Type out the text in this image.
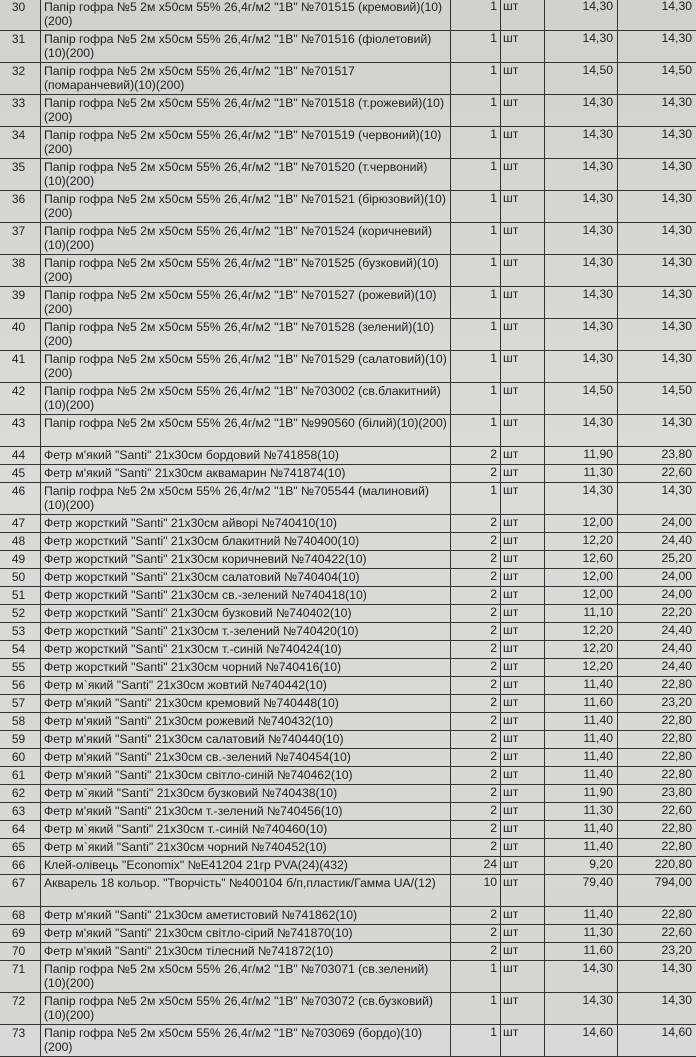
30	Папір гофра №5 2м х50см 55% 26,4г/м2 "1В" №701515 (кремовий)(10)(200)	1	шт	14,30	14,30
31	Папір гофра №5 2м х50см 55% 26,4г/м2 "1В" №701516 (фіолетовий)(10)(200)	1	шт	14,30	14,30
32	Папір гофра №5 2м х50см 55% 26,4г/м2 "1В" №701517 (помаранчевий)(10)(200)	1	шт	14,50	14,50
33	Папір гофра №5 2м х50см 55% 26,4г/м2 "1В" №701518 (т.рожевий)(10)(200)	1	шт	14,30	14,30
34	Папір гофра №5 2м х50см 55% 26,4г/м2 "1В" №701519 (червоний)(10)(200)	1	шт	14,30	14,30
35	Папір гофра №5 2м х50см 55% 26,4г/м2 "1В" №701520 (т.червоний)(10)(200)	1	шт	14,30	14,30
36	Папір гофра №5 2м х50см 55% 26,4г/м2 "1В" №701521 (бірюзовий)(10)(200)	1	шт	14,30	14,30
37	Папір гофра №5 2м х50см 55% 26,4г/м2 "1В" №701524 (коричневий)(10)(200)	1	шт	14,30	14,30
38	Папір гофра №5 2м х50см 55% 26,4г/м2 "1В" №701525 (бузковий)(10)(200)	1	шт	14,30	14,30
39	Папір гофра №5 2м х50см 55% 26,4г/м2 "1В" №701527 (рожевий)(10)(200)	1	шт	14,30	14,30
40	Папір гофра №5 2м х50см 55% 26,4г/м2 "1В" №701528 (зелений)(10)(200)	1	шт	14,30	14,30
41	Папір гофра №5 2м х50см 55% 26,4г/м2 "1В" №701529 (салатовий)(10)(200)	1	шт	14,30	14,30
42	Папір гофра №5 2м х50см 55% 26,4г/м2 "1В" №703002 (св.блакитний)(10)(200)	1	шт	14,50	14,50
43	Папір гофра №5 2м х50см 55% 26,4г/м2 "1В" №990560 (білий)(10)(200)	1	шт	14,30	14,30
44	Фетр м'який "Santi" 21х30см бордовий №741858(10)	2	шт	11,90	23,80
45	Фетр м'який "Santi" 21х30см аквамарин №741874(10)	2	шт	11,30	22,60
46	Папір гофра №5 2м х50см 55% 26,4г/м2 "1В" №705544 (малиновий)(10)(200)	1	шт	14,30	14,30
47	Фетр жорсткий "Santi" 21х30см айворі №740410(10)	2	шт	12,00	24,00
48	Фетр жорсткий "Santi" 21х30см блакитний №740400(10)	2	шт	12,20	24,40
49	Фетр жорсткий "Santi" 21х30см коричневий №740422(10)	2	шт	12,60	25,20
50	Фетр жорсткий "Santi" 21х30см салатовий №740404(10)	2	шт	12,00	24,00
51	Фетр жорсткий "Santi" 21х30см св.-зелений №740418(10)	2	шт	12,00	24,00
52	Фетр жорсткий "Santi" 21х30см бузковий №740402(10)	2	шт	11,10	22,20
53	Фетр жорсткий "Santi" 21х30см т.-зелений №740420(10)	2	шт	12,20	24,40
54	Фетр жорсткий "Santi" 21х30см т.-синій №740424(10)	2	шт	12,20	24,40
55	Фетр жорсткий "Santi" 21х30см чорний №740416(10)	2	шт	12,20	24,40
56	Фетр м`який "Santi" 21х30см жовтий №740442(10)	2	шт	11,40	22,80
57	Фетр м'який "Santi" 21х30см кремовий №740448(10)	2	шт	11,60	23,20
58	Фетр м'який "Santi" 21х30см рожевий №740432(10)	2	шт	11,40	22,80
59	Фетр м'який "Santi" 21х30см салатовий №740440(10)	2	шт	11,40	22,80
60	Фетр м'який "Santi" 21х30см св.-зелений №740454(10)	2	шт	11,40	22,80
61	Фетр м'який "Santi" 21х30см світло-синій №740462(10)	2	шт	11,40	22,80
62	Фетр м`який "Santi" 21х30см бузковий №740438(10)	2	шт	11,90	23,80
63	Фетр м'який "Santi" 21х30см т.-зелений №740456(10)	2	шт	11,30	22,60
64	Фетр м`який "Santi" 21х30см т.-синій №740460(10)	2	шт	11,40	22,80
65	Фетр м`який "Santi" 21х30см чорний №740452(10)	2	шт	11,40	22,80
66	Клей-олівець "Economix" №E41204 21гр PVA(24)(432)	24	шт	9,20	220,80
67	Акварель 18 кольор. "Творчість" №400104 б/п,пластик/Гамма UA/(12)	10	шт	79,40	794,00
68	Фетр м'який "Santi" 21х30см аметистовий №741862(10)	2	шт	11,40	22,80
69	Фетр м'який "Santi" 21х30см світло-сірий №741870(10)	2	шт	11,30	22,60
70	Фетр м'який "Santi" 21х30см тілесний №741872(10)	2	шт	11,60	23,20
71	Папір гофра №5 2м х50см 55% 26,4г/м2 "1В" №703071 (св.зелений)(10)(200)	1	шт	14,30	14,30
72	Папір гофра №5 2м х50см 55% 26,4г/м2 "1В" №703072 (св.бузковий)(10)(200)	1	шт	14,30	14,30
73	Папір гофра №5 2м х50см 55% 26,4г/м2 "1В" №703069 (бордо)(10)(200)	1	шт	14,60	14,60
